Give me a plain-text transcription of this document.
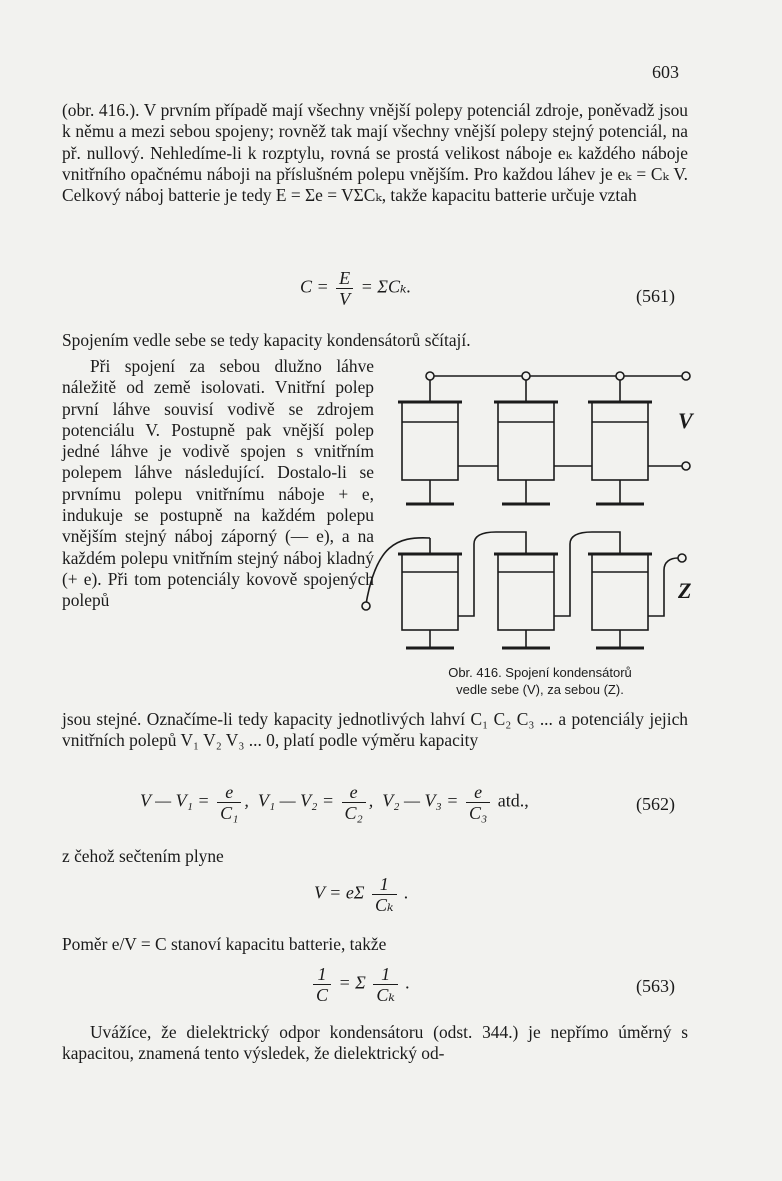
603

(obr. 416.). V prvním případě mají všechny vnější polepy potenciál zdroje, poněvadž jsou k němu a mezi sebou spojeny; rovněž tak mají všechny vnější polepy stejný potenciál, na př. nullový. Nehledíme-li k rozptylu, rovná se prostá velikost náboje eₖ každého náboje vnitřního opačnému náboji na příslušném polepu vnějším. Pro každou láhev je eₖ = Cₖ V. Celkový náboj batterie je tedy E = Σe = VΣCₖ, takže kapacitu batterie určuje vztah

$C = \frac{E}{V} = \Sigma C_k$.	(561)

Spojením vedle sebe se tedy kapacity kondensátorů sčítají.

Při spojení za sebou dlužno láhve náležitě od země isolovati. Vnitřní polep první láhve souvisí vodivě se zdrojem potenciálu V. Postupně pak vnější polep jedné láhve je vodivě spojen s vnitřním polepem láhve následující. Dostalo-li se prvnímu polepu vnitřnímu náboje + e, indukuje se postupně na každém polepu vnějším stejný náboj záporný (— e), a na každém polepu vnitřním stejný náboj kladný (+ e). Při tom potenciály kovově spojených polepů

V
Z
Obr. 416. Spojení kondensátorů
vedle sebe (V), za sebou (Z).

jsou stejné. Označíme-li tedy kapacity jednotlivých lahví C₁ C₂ C₃ ... a potenciály jejich vnitřních polepů V₁ V₂ V₃ ... 0, platí podle výměru kapacity

V — $V_1 = \frac{e}{\text{C₁}}$ ,  V₁ — $V_2 = \frac{e}{\text{C₂}}$ ,  V₂ — $V_3 = \frac{e}{\text{C₃}}$ atd.,	(562)

z čehož sečtením plyne

V = eΣ $\frac{1}{\text{Cₖ}}$ .

Poměr e/V = C stanoví kapacitu batterie, takže

$\frac{1}{C} = \Sigma \frac{1}{\text{Cₖ}}$ .	(563)

Uvážíce, že dielektrický odpor kondensátoru (odst. 344.) je nepřímo úměrný s kapacitou, znamená tento výsledek, že dielektrický od-
